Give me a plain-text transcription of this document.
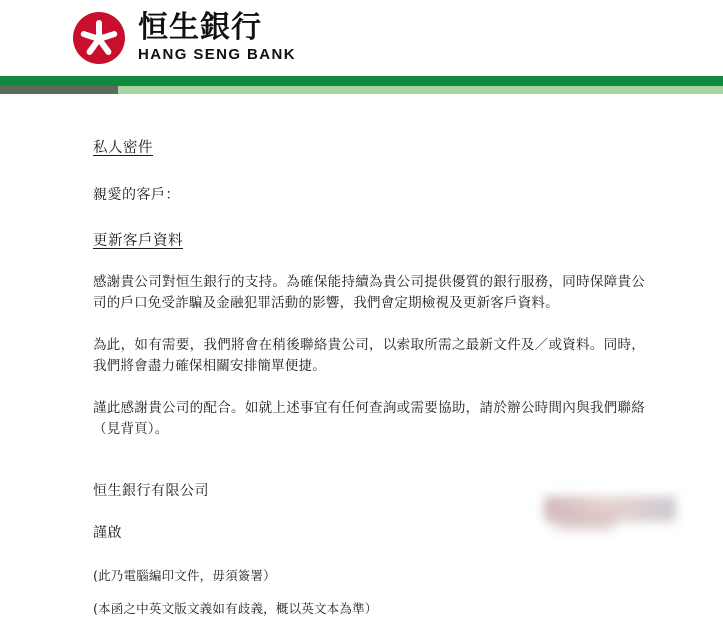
恒生銀行
HANG SENG BANK
私人密件
親愛的客戶：
更新客戶資料
感謝貴公司對恒生銀行的支持。為確保能持續為貴公司提供優質的銀行服務，同時保障貴公司的戶口免受詐騙及金融犯罪活動的影響，我們會定期檢視及更新客戶資料。
為此，如有需要，我們將會在稍後聯絡貴公司，以索取所需之最新文件及／或資料。同時，我們將會盡力確保相關安排簡單便捷。
謹此感謝貴公司的配合。如就上述事宜有任何查詢或需要協助，請於辦公時間內與我們聯絡（見背頁）。
恒生銀行有限公司
謹啟
(此乃電腦編印文件，毋須簽署）
(本函之中英文版文義如有歧義，概以英文本為準）
